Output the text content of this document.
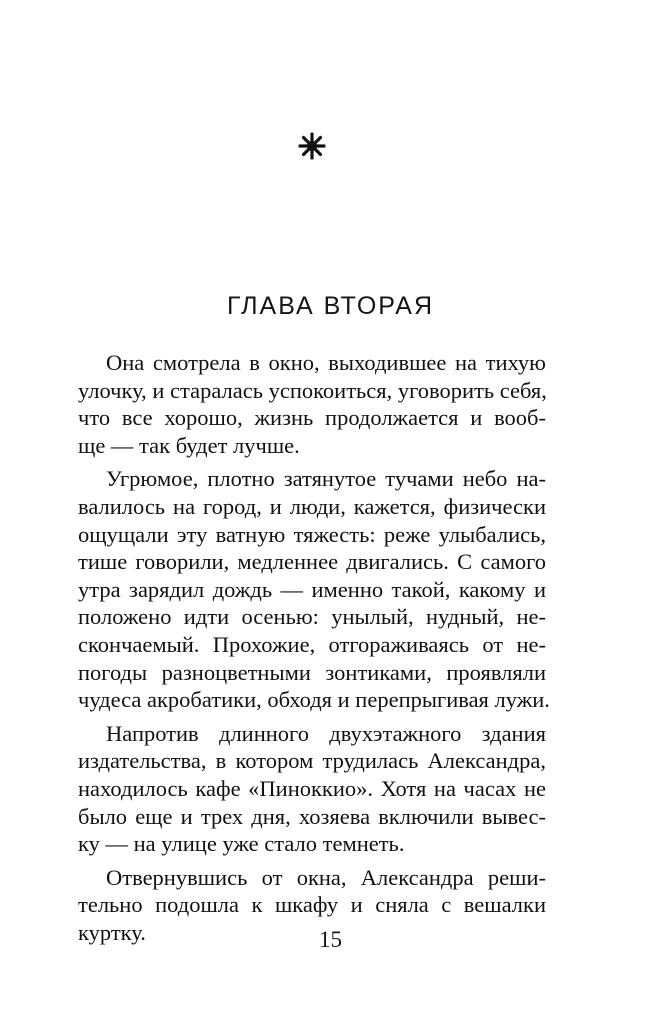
ГЛАВА ВТОРАЯ

Она смотрела в окно, выходившее на тихую
улочку, и старалась успокоиться, уговорить себя,
что все хорошо, жизнь продолжается и вооб-
ще — так будет лучше.

Угрюмое, плотно затянутое тучами небо на-
валилось на город, и люди, кажется, физически
ощущали эту ватную тяжесть: реже улыбались,
тише говорили, медленнее двигались. С самого
утра зарядил дождь — именно такой, какому и
положено идти осенью: унылый, нудный, не-
скончаемый. Прохожие, отгораживаясь от не-
погоды разноцветными зонтиками, проявляли
чудеса акробатики, обходя и перепрыгивая лужи.

Напротив длинного двухэтажного здания
издательства, в котором трудилась Александра,
находилось кафе «Пиноккио». Хотя на часах не
было еще и трех дня, хозяева включили вывес-
ку — на улице уже стало темнеть.

Отвернувшись от окна, Александра реши-
тельно подошла к шкафу и сняла с вешалки
куртку.	15
